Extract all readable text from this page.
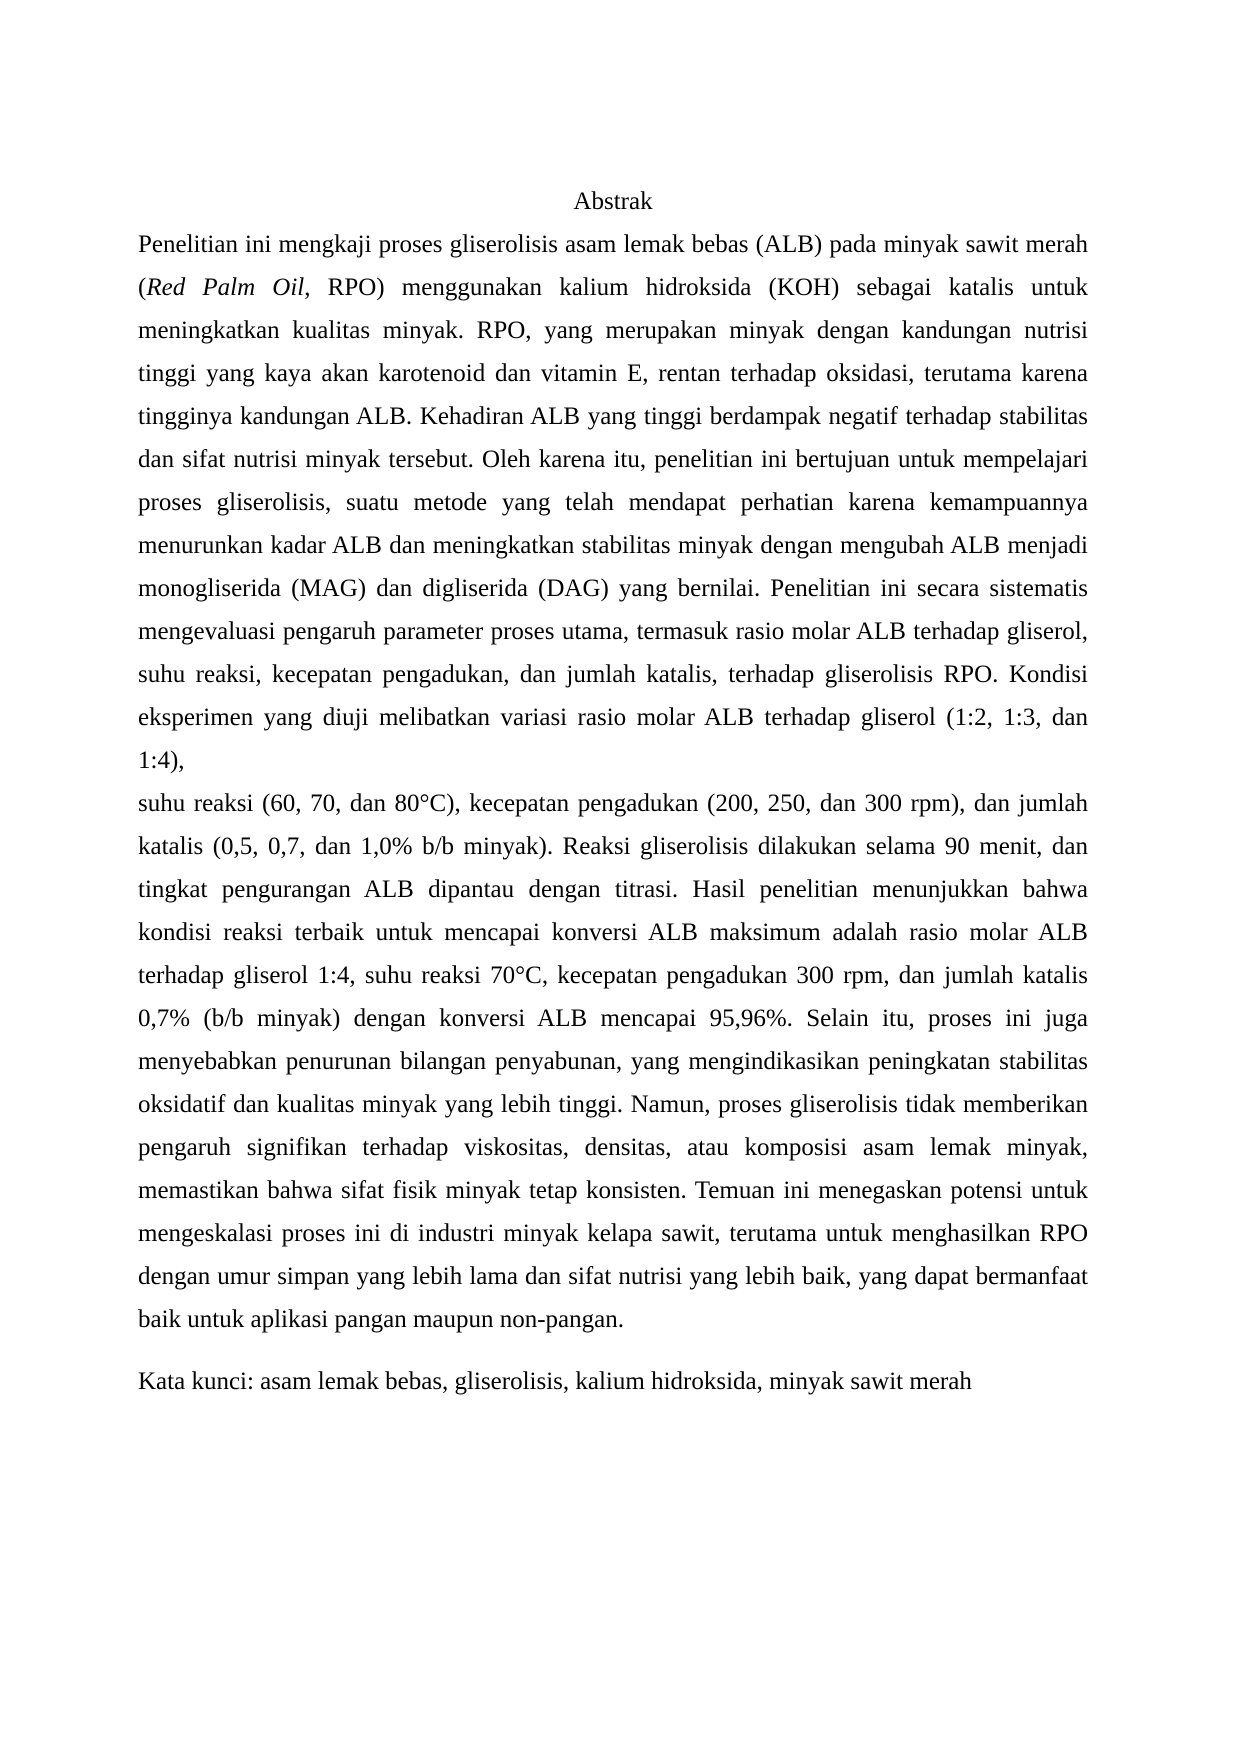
Abstrak
Penelitian ini mengkaji proses gliserolisis asam lemak bebas (ALB) pada minyak sawit merah
(Red Palm Oil, RPO) menggunakan kalium hidroksida (KOH) sebagai katalis untuk
meningkatkan kualitas minyak. RPO, yang merupakan minyak dengan kandungan nutrisi
tinggi yang kaya akan karotenoid dan vitamin E, rentan terhadap oksidasi, terutama karena
tingginya kandungan ALB. Kehadiran ALB yang tinggi berdampak negatif terhadap stabilitas
dan sifat nutrisi minyak tersebut. Oleh karena itu, penelitian ini bertujuan untuk mempelajari
proses gliserolisis, suatu metode yang telah mendapat perhatian karena kemampuannya
menurunkan kadar ALB dan meningkatkan stabilitas minyak dengan mengubah ALB menjadi
monogliserida (MAG) dan digliserida (DAG) yang bernilai. Penelitian ini secara sistematis
mengevaluasi pengaruh parameter proses utama, termasuk rasio molar ALB terhadap gliserol,
suhu reaksi, kecepatan pengadukan, dan jumlah katalis, terhadap gliserolisis RPO. Kondisi
eksperimen yang diuji melibatkan variasi rasio molar ALB terhadap gliserol (1:2, 1:3, dan 1:4),
suhu reaksi (60, 70, dan 80°C), kecepatan pengadukan (200, 250, dan 300 rpm), dan jumlah
katalis (0,5, 0,7, dan 1,0% b/b minyak). Reaksi gliserolisis dilakukan selama 90 menit, dan
tingkat pengurangan ALB dipantau dengan titrasi. Hasil penelitian menunjukkan bahwa
kondisi reaksi terbaik untuk mencapai konversi ALB maksimum adalah rasio molar ALB
terhadap gliserol 1:4, suhu reaksi 70°C, kecepatan pengadukan 300 rpm, dan jumlah katalis
0,7% (b/b minyak) dengan konversi ALB mencapai 95,96%. Selain itu, proses ini juga
menyebabkan penurunan bilangan penyabunan, yang mengindikasikan peningkatan stabilitas
oksidatif dan kualitas minyak yang lebih tinggi. Namun, proses gliserolisis tidak memberikan
pengaruh signifikan terhadap viskositas, densitas, atau komposisi asam lemak minyak,
memastikan bahwa sifat fisik minyak tetap konsisten. Temuan ini menegaskan potensi untuk
mengeskalasi proses ini di industri minyak kelapa sawit, terutama untuk menghasilkan RPO
dengan umur simpan yang lebih lama dan sifat nutrisi yang lebih baik, yang dapat bermanfaat
baik untuk aplikasi pangan maupun non-pangan.
Kata kunci: asam lemak bebas, gliserolisis, kalium hidroksida, minyak sawit merah
